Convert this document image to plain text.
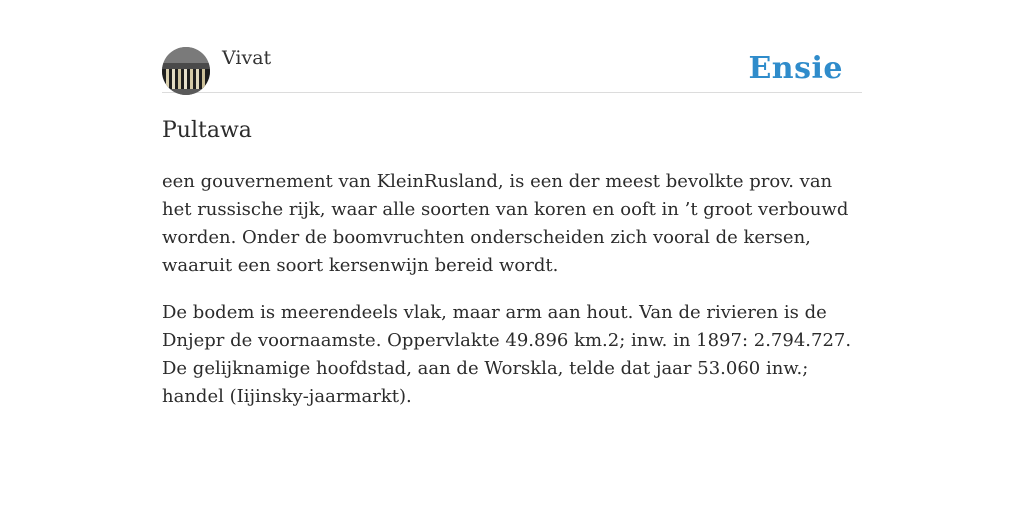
Vivat	Ensie
Pultawa

een gouvernement van KleinRusland, is een der meest bevolkte prov. van het russische rijk, waar alle soorten van koren en ooft in ’t groot verbouwd worden. Onder de boomvruchten onderscheiden zich vooral de kersen, waaruit een soort kersenwijn bereid wordt.

De bodem is meerendeels vlak, maar arm aan hout. Van de rivieren is de Dnjepr de voornaamste. Oppervlakte 49.896 km.2; inw. in 1897: 2.794.727. De gelijknamige hoofdstad, aan de Worskla, telde dat jaar 53.060 inw.; handel (Iijinsky-jaarmarkt).
